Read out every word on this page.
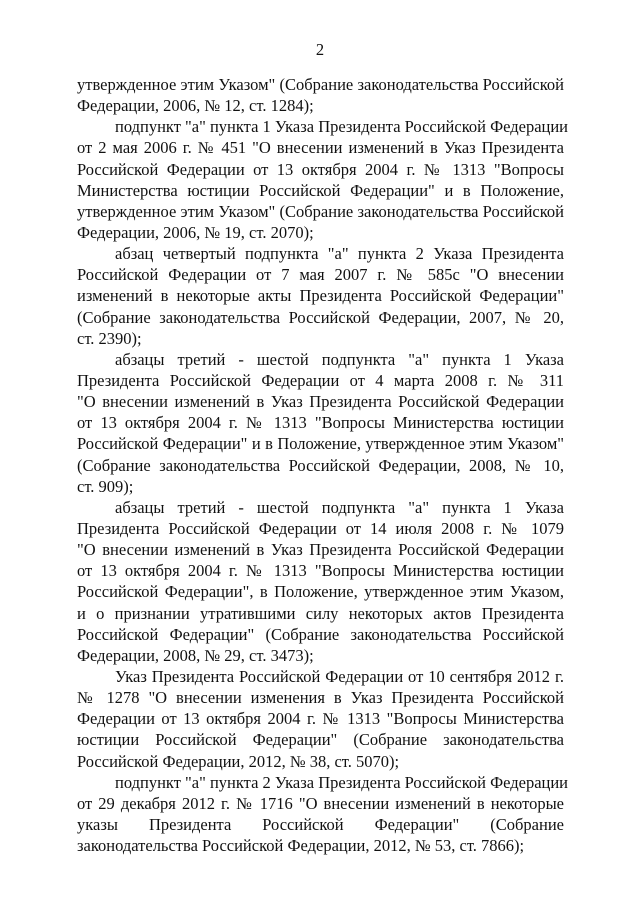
2
утвержденное этим Указом" (Собрание законодательства Российской
Федерации, 2006, № 12, ст. 1284);
подпункт "а" пункта 1 Указа Президента Российской Федерации
от 2 мая 2006 г. № 451 "О внесении изменений в Указ Президента
Российской Федерации от 13 октября 2004 г. № 1313 "Вопросы
Министерства юстиции Российской Федерации" и в Положение,
утвержденное этим Указом" (Собрание законодательства Российской
Федерации, 2006, № 19, ст. 2070);
абзац четвертый подпункта "а" пункта 2 Указа Президента
Российской Федерации от 7 мая 2007 г. № 585с "О внесении
изменений в некоторые акты Президента Российской Федерации"
(Собрание законодательства Российской Федерации, 2007, № 20,
ст. 2390);
абзацы третий - шестой подпункта "а" пункта 1 Указа
Президента Российской Федерации от 4 марта 2008 г. № 311
"О внесении изменений в Указ Президента Российской Федерации
от 13 октября 2004 г. № 1313 "Вопросы Министерства юстиции
Российской Федерации" и в Положение, утвержденное этим Указом"
(Собрание законодательства Российской Федерации, 2008, № 10,
ст. 909);
абзацы третий - шестой подпункта "а" пункта 1 Указа
Президента Российской Федерации от 14 июля 2008 г. № 1079
"О внесении изменений в Указ Президента Российской Федерации
от 13 октября 2004 г. № 1313 "Вопросы Министерства юстиции
Российской Федерации", в Положение, утвержденное этим Указом,
и о признании утратившими силу некоторых актов Президента
Российской Федерации" (Собрание законодательства Российской
Федерации, 2008, № 29, ст. 3473);
Указ Президента Российской Федерации от 10 сентября 2012 г.
№ 1278 "О внесении изменения в Указ Президента Российской
Федерации от 13 октября 2004 г. № 1313 "Вопросы Министерства
юстиции Российской Федерации" (Собрание законодательства
Российской Федерации, 2012, № 38, ст. 5070);
подпункт "а" пункта 2 Указа Президента Российской Федерации
от 29 декабря 2012 г. № 1716 "О внесении изменений в некоторые
указы Президента Российской Федерации" (Собрание
законодательства Российской Федерации, 2012, № 53, ст. 7866);
